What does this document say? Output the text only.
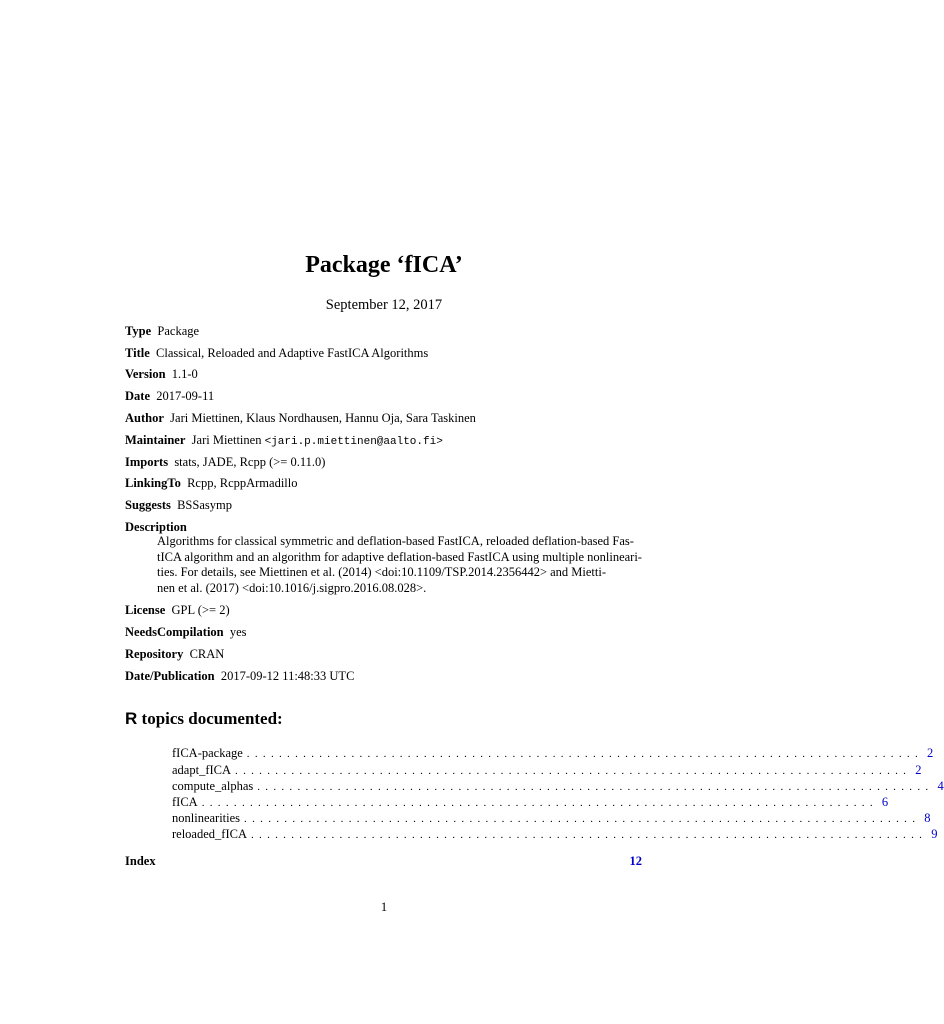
Package ‘fICA’
September 12, 2017
Type Package
Title Classical, Reloaded and Adaptive FastICA Algorithms
Version 1.1-0
Date 2017-09-11
Author Jari Miettinen, Klaus Nordhausen, Hannu Oja, Sara Taskinen
Maintainer Jari Miettinen <jari.p.miettinen@aalto.fi>
Imports stats, JADE, Rcpp (>= 0.11.0)
LinkingTo Rcpp, RcppArmadillo
Suggests BSSasymp
Description
Algorithms for classical symmetric and deflation-based FastICA, reloaded deflation-based Fas-
tICA algorithm and an algorithm for adaptive deflation-based FastICA using multiple nonlineari-
ties. For details, see Miettinen et al. (2014) <doi:10.1109/TSP.2014.2356442> and Mietti-
nen et al. (2017) <doi:10.1016/j.sigpro.2016.08.028>.
License GPL (>= 2)
NeedsCompilation yes
Repository CRAN
Date/Publication 2017-09-12 11:48:33 UTC
R topics documented:
fICA-package .................................................................................... 2
adapt_fICA .................................................................................... 2
compute_alphas .................................................................................... 4
fICA .................................................................................... 6
nonlinearities .................................................................................... 8
reloaded_fICA .................................................................................... 9
Index	12
1
